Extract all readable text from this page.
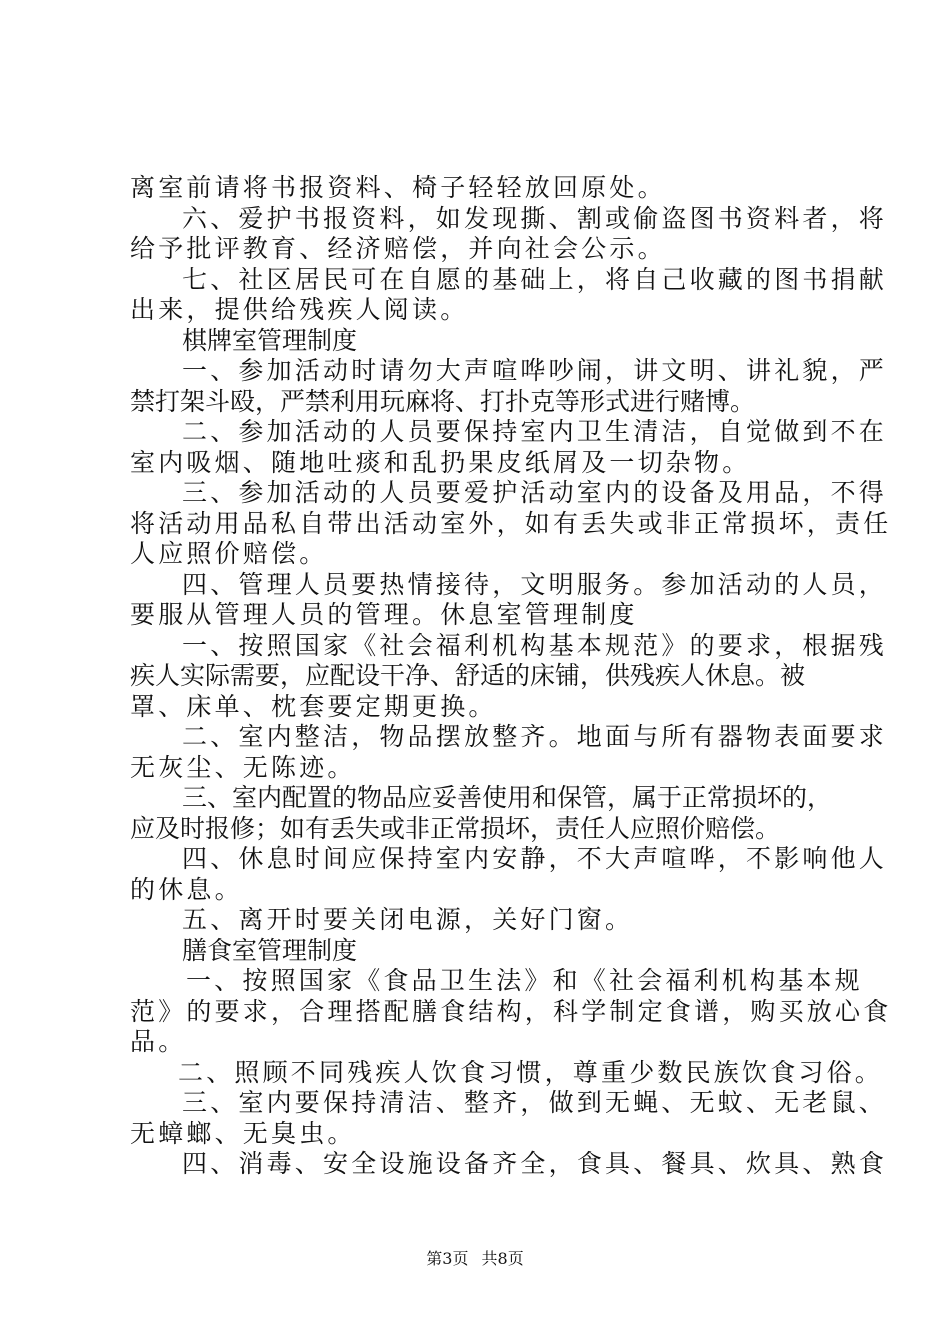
离室前请将书报资料、椅子轻轻放回原处。
六、爱护书报资料，如发现撕、割或偷盗图书资料者，将
给予批评教育、经济赔偿，并向社会公示。
七、社区居民可在自愿的基础上，将自己收藏的图书捐献
出来，提供给残疾人阅读。
棋牌室管理制度
一、参加活动时请勿大声喧哗吵闹，讲文明、讲礼貌，严
禁打架斗殴，严禁利用玩麻将、打扑克等形式进行赌博。
二、参加活动的人员要保持室内卫生清洁，自觉做到不在
室内吸烟、随地吐痰和乱扔果皮纸屑及一切杂物。
三、参加活动的人员要爱护活动室内的设备及用品，不得
将活动用品私自带出活动室外，如有丢失或非正常损坏，责任
人应照价赔偿。
四、管理人员要热情接待，文明服务。参加活动的人员，
要服从管理人员的管理。休息室管理制度
一、按照国家《社会福利机构基本规范》的要求，根据残
疾人实际需要，应配设干净、舒适的床铺，供残疾人休息。被
罩、床单、枕套要定期更换。
二、室内整洁，物品摆放整齐。地面与所有器物表面要求
无灰尘、无陈迹。
三、室内配置的物品应妥善使用和保管，属于正常损坏的，
应及时报修；如有丢失或非正常损坏，责任人应照价赔偿。
四、休息时间应保持室内安静，不大声喧哗，不影响他人
的休息。
五、离开时要关闭电源，关好门窗。
膳食室管理制度
一、按照国家《食品卫生法》和《社会福利机构基本规
范》的要求，合理搭配膳食结构，科学制定食谱，购买放心食
品。
二、照顾不同残疾人饮食习惯，尊重少数民族饮食习俗。
三、室内要保持清洁、整齐，做到无蝇、无蚊、无老鼠、
无蟑螂、无臭虫。
四、消毒、安全设施设备齐全，食具、餐具、炊具、熟食
第3页 共8页
